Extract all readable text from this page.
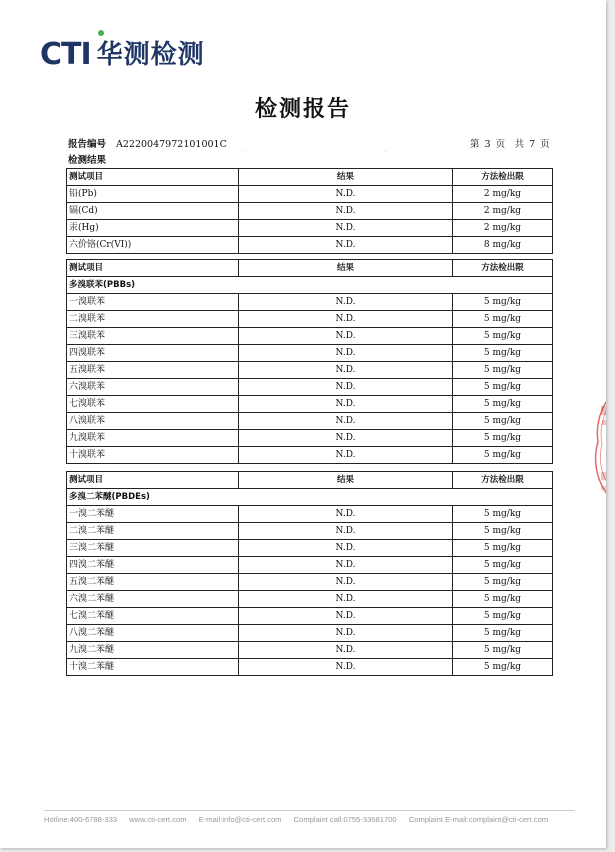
CTI 华测检测
检测报告
报告编号 A2220047972101001C	第 3 页　共 7 页
检测结果
.	.
测试项目	结果	方法检出限
铅(Pb)	N.D.	2 mg/kg
镉(Cd)	N.D.	2 mg/kg
汞(Hg)	N.D.	2 mg/kg
六价铬(Cr(VI))	N.D.	8 mg/kg
测试项目	结果	方法检出限
多溴联苯(PBBs)		
一溴联苯	N.D.	5 mg/kg
二溴联苯	N.D.	5 mg/kg
三溴联苯	N.D.	5 mg/kg
四溴联苯	N.D.	5 mg/kg
五溴联苯	N.D.	5 mg/kg
六溴联苯	N.D.	5 mg/kg
七溴联苯	N.D.	5 mg/kg
八溴联苯	N.D.	5 mg/kg
九溴联苯	N.D.	5 mg/kg
十溴联苯	N.D.	5 mg/kg
测试项目	结果	方法检出限
多溴二苯醚(PBDEs)		
一溴二苯醚	N.D.	5 mg/kg
二溴二苯醚	N.D.	5 mg/kg
三溴二苯醚	N.D.	5 mg/kg
四溴二苯醚	N.D.	5 mg/kg
五溴二苯醚	N.D.	5 mg/kg
六溴二苯醚	N.D.	5 mg/kg
七溴二苯醚	N.D.	5 mg/kg
八溴二苯醚	N.D.	5 mg/kg
九溴二苯醚	N.D.	5 mg/kg
十溴二苯醚	N.D.	5 mg/kg
Hotline:400-6788-333 www.cti-cert.com E-mail:info@cti-cert.com Complaint call:0755-33681700 Complaint E-mail:complaint@cti-cert.com
